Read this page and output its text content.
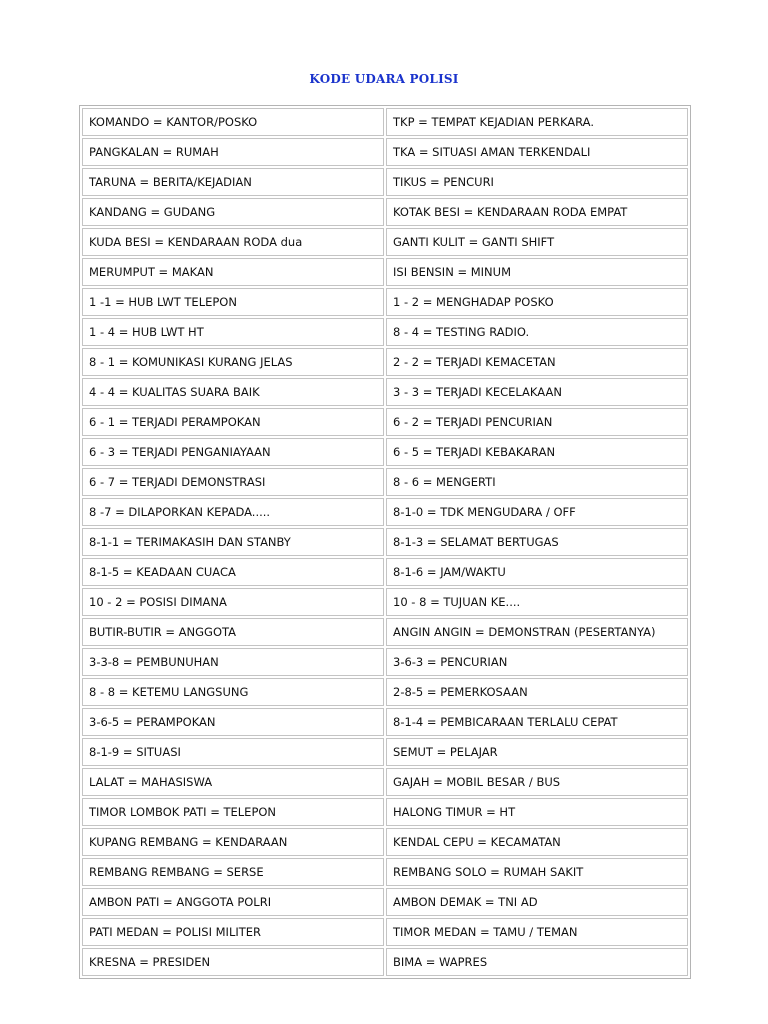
KODE UDARA POLISI
KOMANDO = KANTOR/POSKO	TKP = TEMPAT KEJADIAN PERKARA.
PANGKALAN = RUMAH	TKA = SITUASI AMAN TERKENDALI
TARUNA = BERITA/KEJADIAN	TIKUS = PENCURI
KANDANG = GUDANG	KOTAK BESI = KENDARAAN RODA EMPAT
KUDA BESI = KENDARAAN RODA dua	GANTI KULIT = GANTI SHIFT
MERUMPUT = MAKAN	ISI BENSIN = MINUM
1 -1 = HUB LWT TELEPON	1 - 2 = MENGHADAP POSKO
1 - 4 = HUB LWT HT	8 - 4 = TESTING RADIO.
8 - 1 = KOMUNIKASI KURANG JELAS	2 - 2 = TERJADI KEMACETAN
4 - 4 = KUALITAS SUARA BAIK	3 - 3 = TERJADI KECELAKAAN
6 - 1 = TERJADI PERAMPOKAN	6 - 2 = TERJADI PENCURIAN
6 - 3 = TERJADI PENGANIAYAAN	6 - 5 = TERJADI KEBAKARAN
6 - 7 = TERJADI DEMONSTRASI	8 - 6 = MENGERTI
8 -7 = DILAPORKAN KEPADA.....	8-1-0 = TDK MENGUDARA / OFF
8-1-1 = TERIMAKASIH DAN STANBY	8-1-3 = SELAMAT BERTUGAS
8-1-5 = KEADAAN CUACA	8-1-6 = JAM/WAKTU
10 - 2 = POSISI DIMANA	10 - 8 = TUJUAN KE....
BUTIR-BUTIR = ANGGOTA	ANGIN ANGIN = DEMONSTRAN (PESERTANYA)
3-3-8 = PEMBUNUHAN	3-6-3 = PENCURIAN
8 - 8 = KETEMU LANGSUNG	2-8-5 = PEMERKOSAAN
3-6-5 = PERAMPOKAN	8-1-4 = PEMBICARAAN TERLALU CEPAT
8-1-9 = SITUASI	SEMUT = PELAJAR
LALAT = MAHASISWA	GAJAH = MOBIL BESAR / BUS
TIMOR LOMBOK PATI = TELEPON	HALONG TIMUR = HT
KUPANG REMBANG = KENDARAAN	KENDAL CEPU = KECAMATAN
REMBANG REMBANG = SERSE	REMBANG SOLO = RUMAH SAKIT
AMBON PATI = ANGGOTA POLRI	AMBON DEMAK = TNI AD
PATI MEDAN = POLISI MILITER	TIMOR MEDAN = TAMU / TEMAN
KRESNA = PRESIDEN	BIMA = WAPRES
